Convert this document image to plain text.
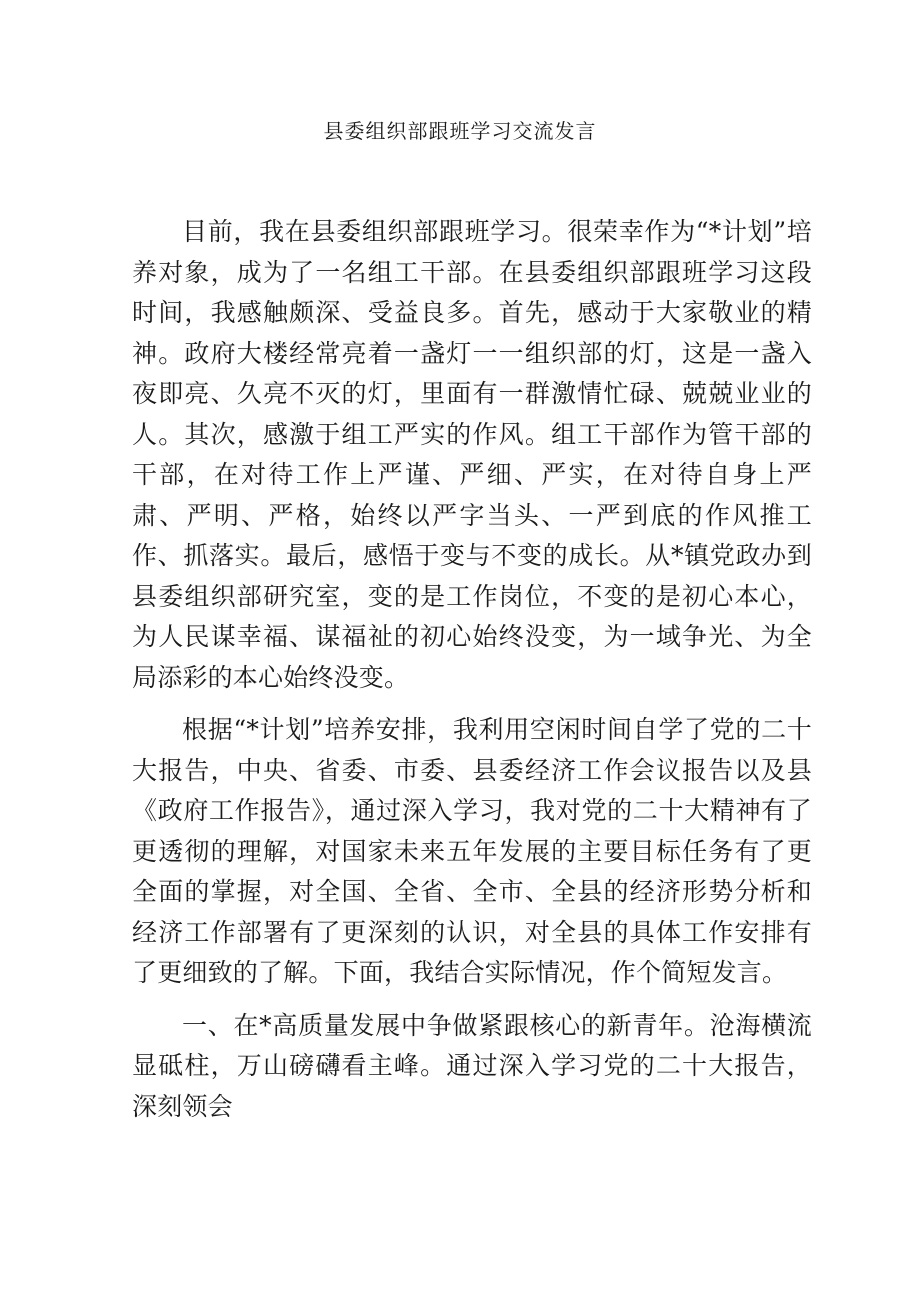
县委组织部跟班学习交流发言

目前，我在县委组织部跟班学习。很荣幸作为“*计划”培养对象，成为了一名组工干部。在县委组织部跟班学习这段时间，我感触颇深、受益良多。首先，感动于大家敬业的精神。政府大楼经常亮着一盏灯一一组织部的灯，这是一盏入夜即亮、久亮不灭的灯，里面有一群激情忙碌、兢兢业业的人。其次，感激于组工严实的作风。组工干部作为管干部的干部，在对待工作上严谨、严细、严实，在对待自身上严肃、严明、严格，始终以严字当头、一严到底的作风推工作、抓落实。最后，感悟于变与不变的成长。从*镇党政办到县委组织部研究室，变的是工作岗位，不变的是初心本心，为人民谋幸福、谋福祉的初心始终没变，为一域争光、为全局添彩的本心始终没变。

根据“*计划”培养安排，我利用空闲时间自学了党的二十大报告，中央、省委、市委、县委经济工作会议报告以及县《政府工作报告》，通过深入学习，我对党的二十大精神有了更透彻的理解，对国家未来五年发展的主要目标任务有了更全面的掌握，对全国、全省、全市、全县的经济形势分析和经济工作部署有了更深刻的认识，对全县的具体工作安排有了更细致的了解。下面，我结合实际情况，作个简短发言。

一、在*高质量发展中争做紧跟核心的新青年。沧海横流显砥柱，万山磅礴看主峰。通过深入学习党的二十大报告，深刻领会
